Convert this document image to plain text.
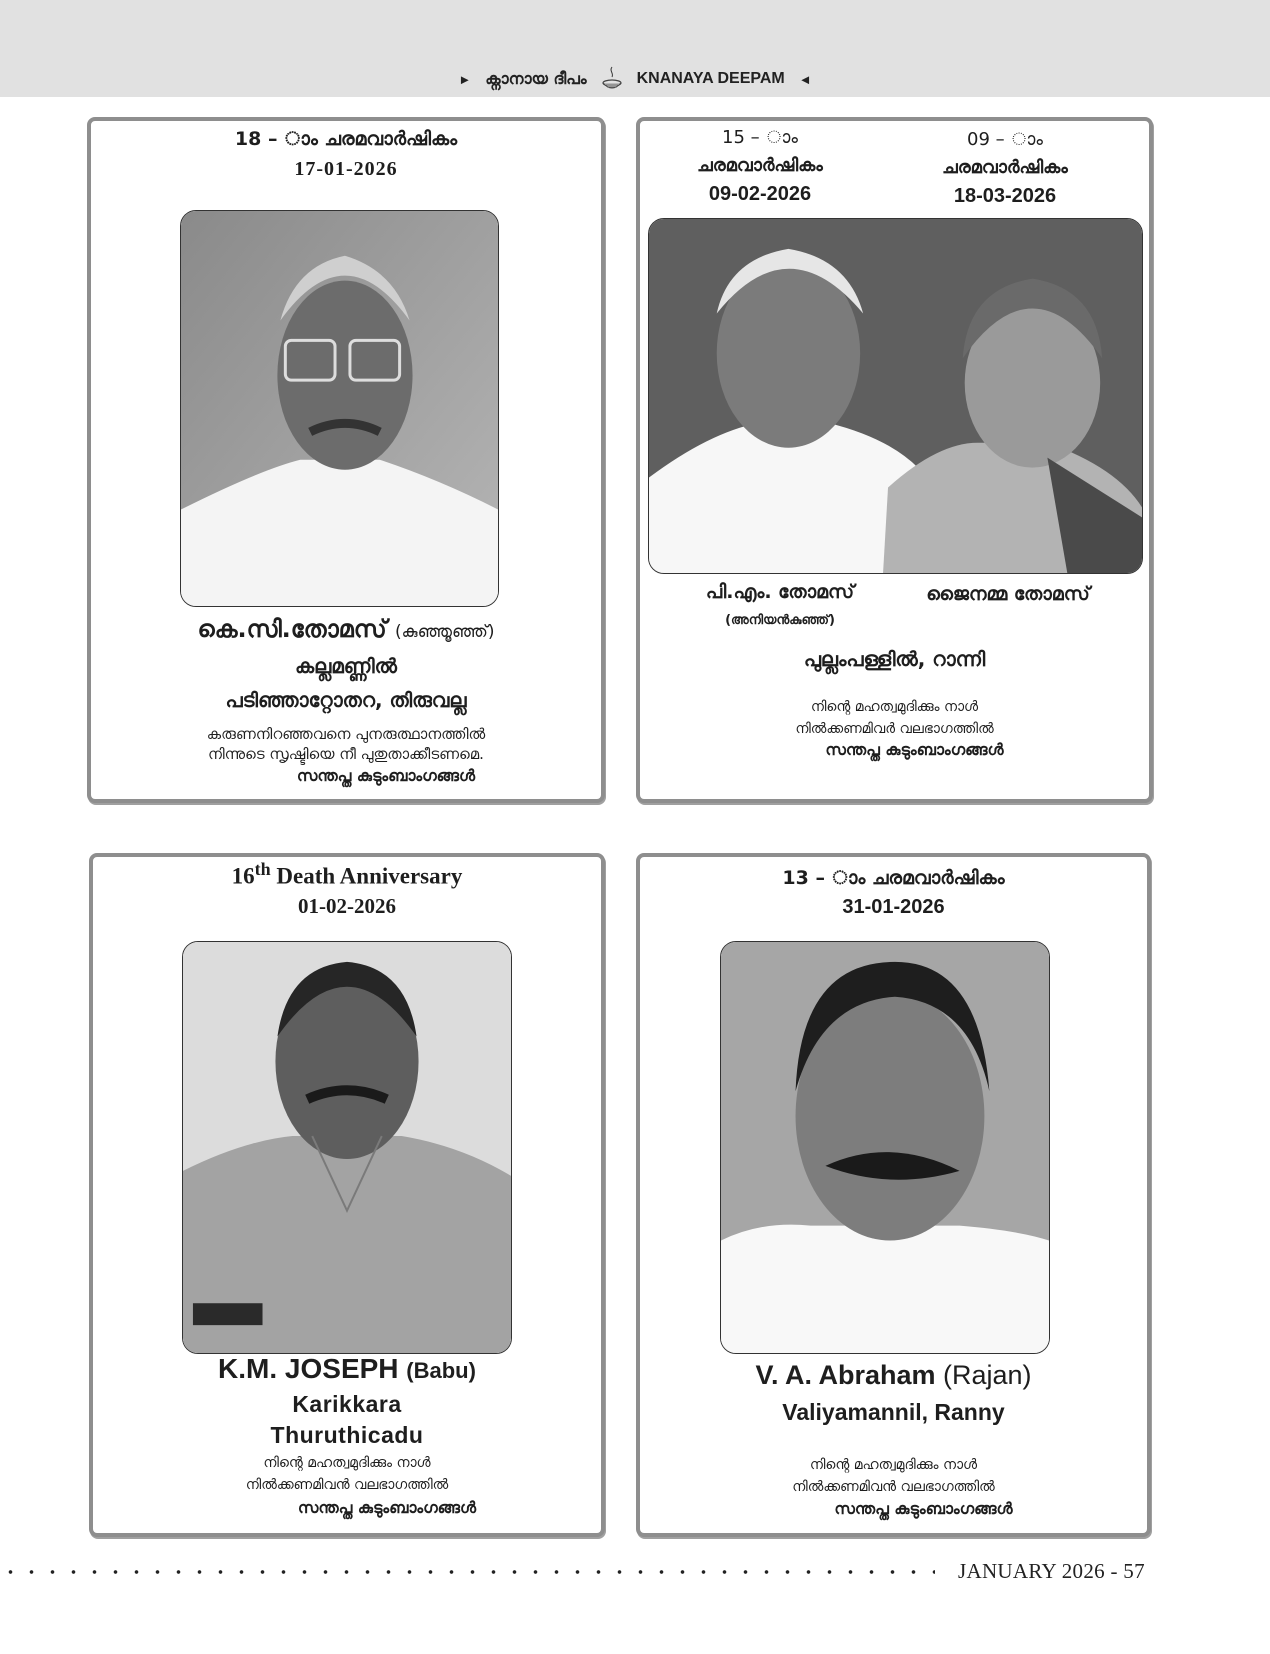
► ക്നാനായ ദീപം	KNANAYA DEEPAM ◄
18 – ാം ചരമവാർഷികം
17-01-2026
കെ.സി.തോമസ് (കുഞ്ഞൂഞ്ഞ്)
കല്ലമണ്ണിൽ
പടിഞ്ഞാറ്റോതറ, തിരുവല്ല
കരുണനിറഞ്ഞവനെ പുനരുത്ഥാനത്തിൽ
നിന്നുടെ സൃഷ്ടിയെ നീ പുതുതാക്കീടണമെ.
സന്തപ്ത കുടുംബാംഗങ്ങൾ
15 – ാം
ചരമവാർഷികം
09-02-2026
09 – ാം
ചരമവാർഷികം
18-03-2026
പി.എം. തോമസ്
(അനിയൻകുഞ്ഞ്)
ജൈനമ്മ തോമസ്
പുല്ലംപള്ളിൽ, റാന്നി
നിന്റെ മഹത്വമുദിക്കും നാൾ
നിൽക്കണമിവർ വലഭാഗത്തിൽ
സന്തപ്ത കുടുംബാംഗങ്ങൾ
16th Death Anniversary
01-02-2026
K.M. JOSEPH (Babu)
Karikkara
Thuruthicadu
നിന്റെ മഹത്വമുദിക്കും നാൾ
നിൽക്കണമിവൻ വലഭാഗത്തിൽ
സന്തപ്ത കുടുംബാംഗങ്ങൾ
13 – ാം ചരമവാർഷികം
31-01-2026
V. A. Abraham (Rajan)
Valiyamannil, Ranny
നിന്റെ മഹത്വമുദിക്കും നാൾ
നിൽക്കണമിവൻ വലഭാഗത്തിൽ
സന്തപ്ത കുടുംബാംഗങ്ങൾ
JANUARY 2026 - 57
